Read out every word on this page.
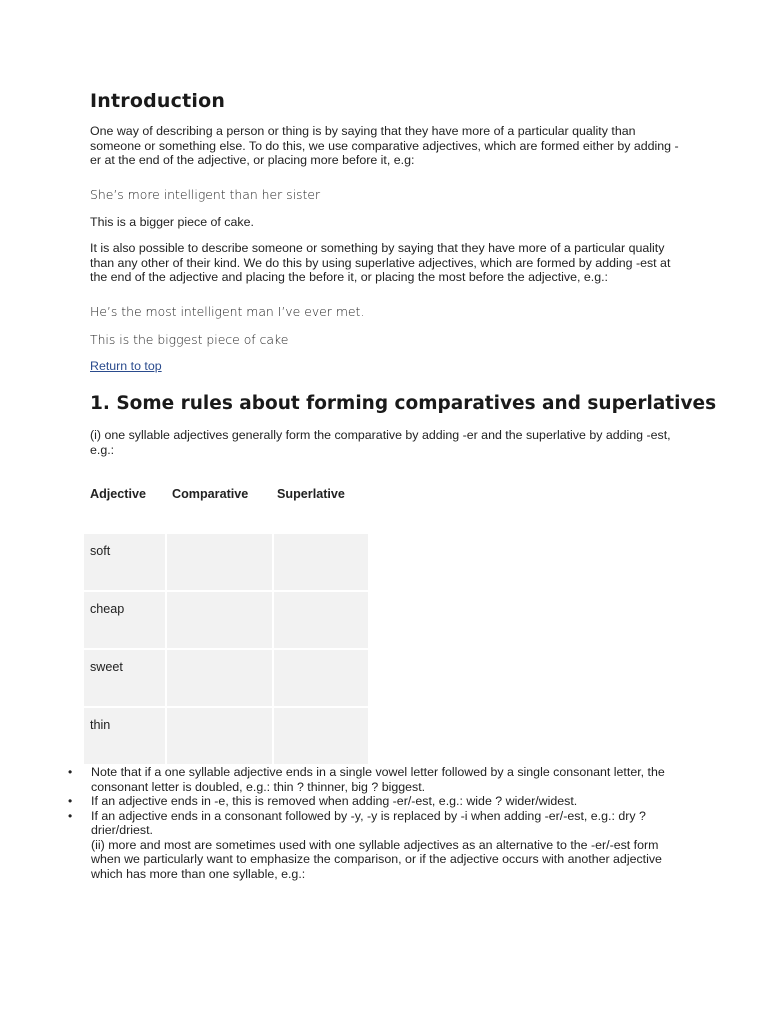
Introduction

One way of describing a person or thing is by saying that they have more of a particular quality than someone or something else. To do this, we use comparative adjectives, which are formed either by adding -er at the end of the adjective, or placing more before it, e.g:

She’s more intelligent than her sister

This is a bigger piece of cake.

It is also possible to describe someone or something by saying that they have more of a particular quality than any other of their kind. We do this by using superlative adjectives, which are formed by adding -est at the end of the adjective and placing the before it, or placing the most before the adjective, e.g.:

He’s the most intelligent man I’ve ever met.

This is the biggest piece of cake

Return to top
1. Some rules about forming comparatives and superlatives

(i) one syllable adjectives generally form the comparative by adding -er and the superlative by adding -est, e.g.:

Adjective Comparative Superlative
soft
cheap
sweet
thin
• Note that if a one syllable adjective ends in a single vowel letter followed by a single consonant letter, the consonant letter is doubled, e.g.: thin ? thinner, big ? biggest.
• If an adjective ends in -e, this is removed when adding -er/-est, e.g.: wide ? wider/widest.
• If an adjective ends in a consonant followed by -y, -y is replaced by -i when adding -er/-est, e.g.: dry ? drier/driest.
(ii) more and most are sometimes used with one syllable adjectives as an alternative to the -er/-est form when we particularly want to emphasize the comparison, or if the adjective occurs with another adjective which has more than one syllable, e.g.:
